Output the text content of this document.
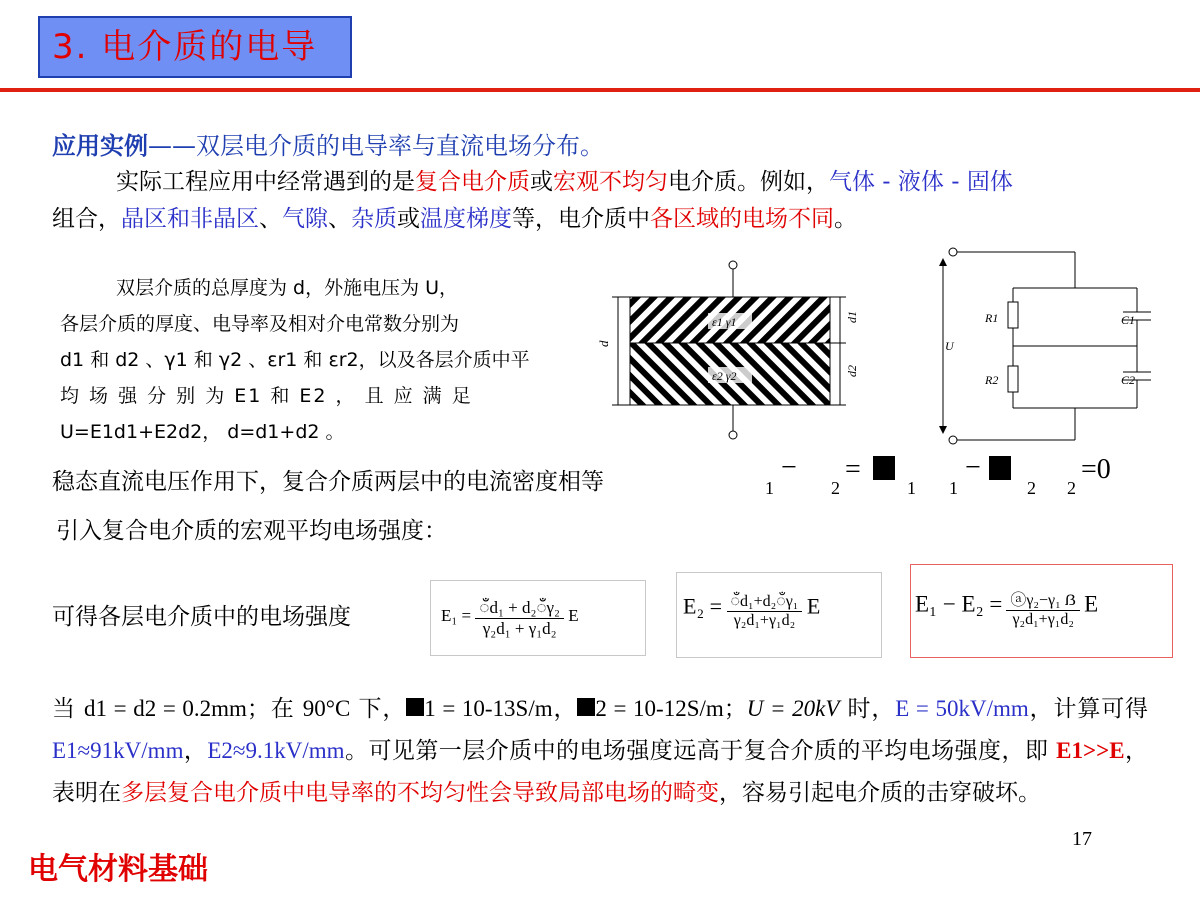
3. 电介质的电导
应用实例——双层电介质的电导率与直流电场分布。
实际工程应用中经常遇到的是复合电介质或宏观不均匀电介质。例如，气体 - 液体 - 固体
组合，晶区和非晶区、气隙、杂质或温度梯度等，电介质中各区域的电场不同。
双层介质的总厚度为 d，外施电压为 U，
各层介质的厚度、电导率及相对介电常数分别为
d1 和 d2 、γ1 和 γ2 、εr1 和 εr2，以及各层介质中平
均 场 强 分 别 为 E1 和 E2 ， 且 应 满 足
U=E1d1+E2d2， d=d1+d2 。
ε1 γ1
ε2 γ2
d
d1
d2
U
R1
R2
C1
C2
稳态直流电压作用下，复合介质两层中的电流密度相等	1
−
2
=
1 1
−
2 2
=0
引入复合电介质的宏观平均电场强度：
可得各层电介质中的电场强度	$E_1 = \frac{\text{ँd₁ + d₂ँγ₂}}{\text{γ₂d₁ + γ₁d₂}}$ E	$E_2 = \frac{\text{ँd₁+d₂ँγ₁}}{\text{γ₂d₁+γ₁d₂}}$ E	$E_1 - E_2 = \frac{\text{ⓐγ₂−γ₁ ẞ}}{\text{γ₂d₁+γ₁d₂}}$ E
当 d1 = d2 = 0.2mm；在 90°C 下， 1 = 10-13S/m， 2 = 10-12S/m；U = 20kV 时，E = 50kV/mm，计算可得 E1≈91kV/mm，E2≈9.1kV/mm。可见第一层介质中的电场强度远高于复合介质的平均电场强度，即 E1>>E，表明在多层复合电介质中电导率的不均匀性会导致局部电场的畸变，容易引起电介质的击穿破坏。
电气材料基础
17
